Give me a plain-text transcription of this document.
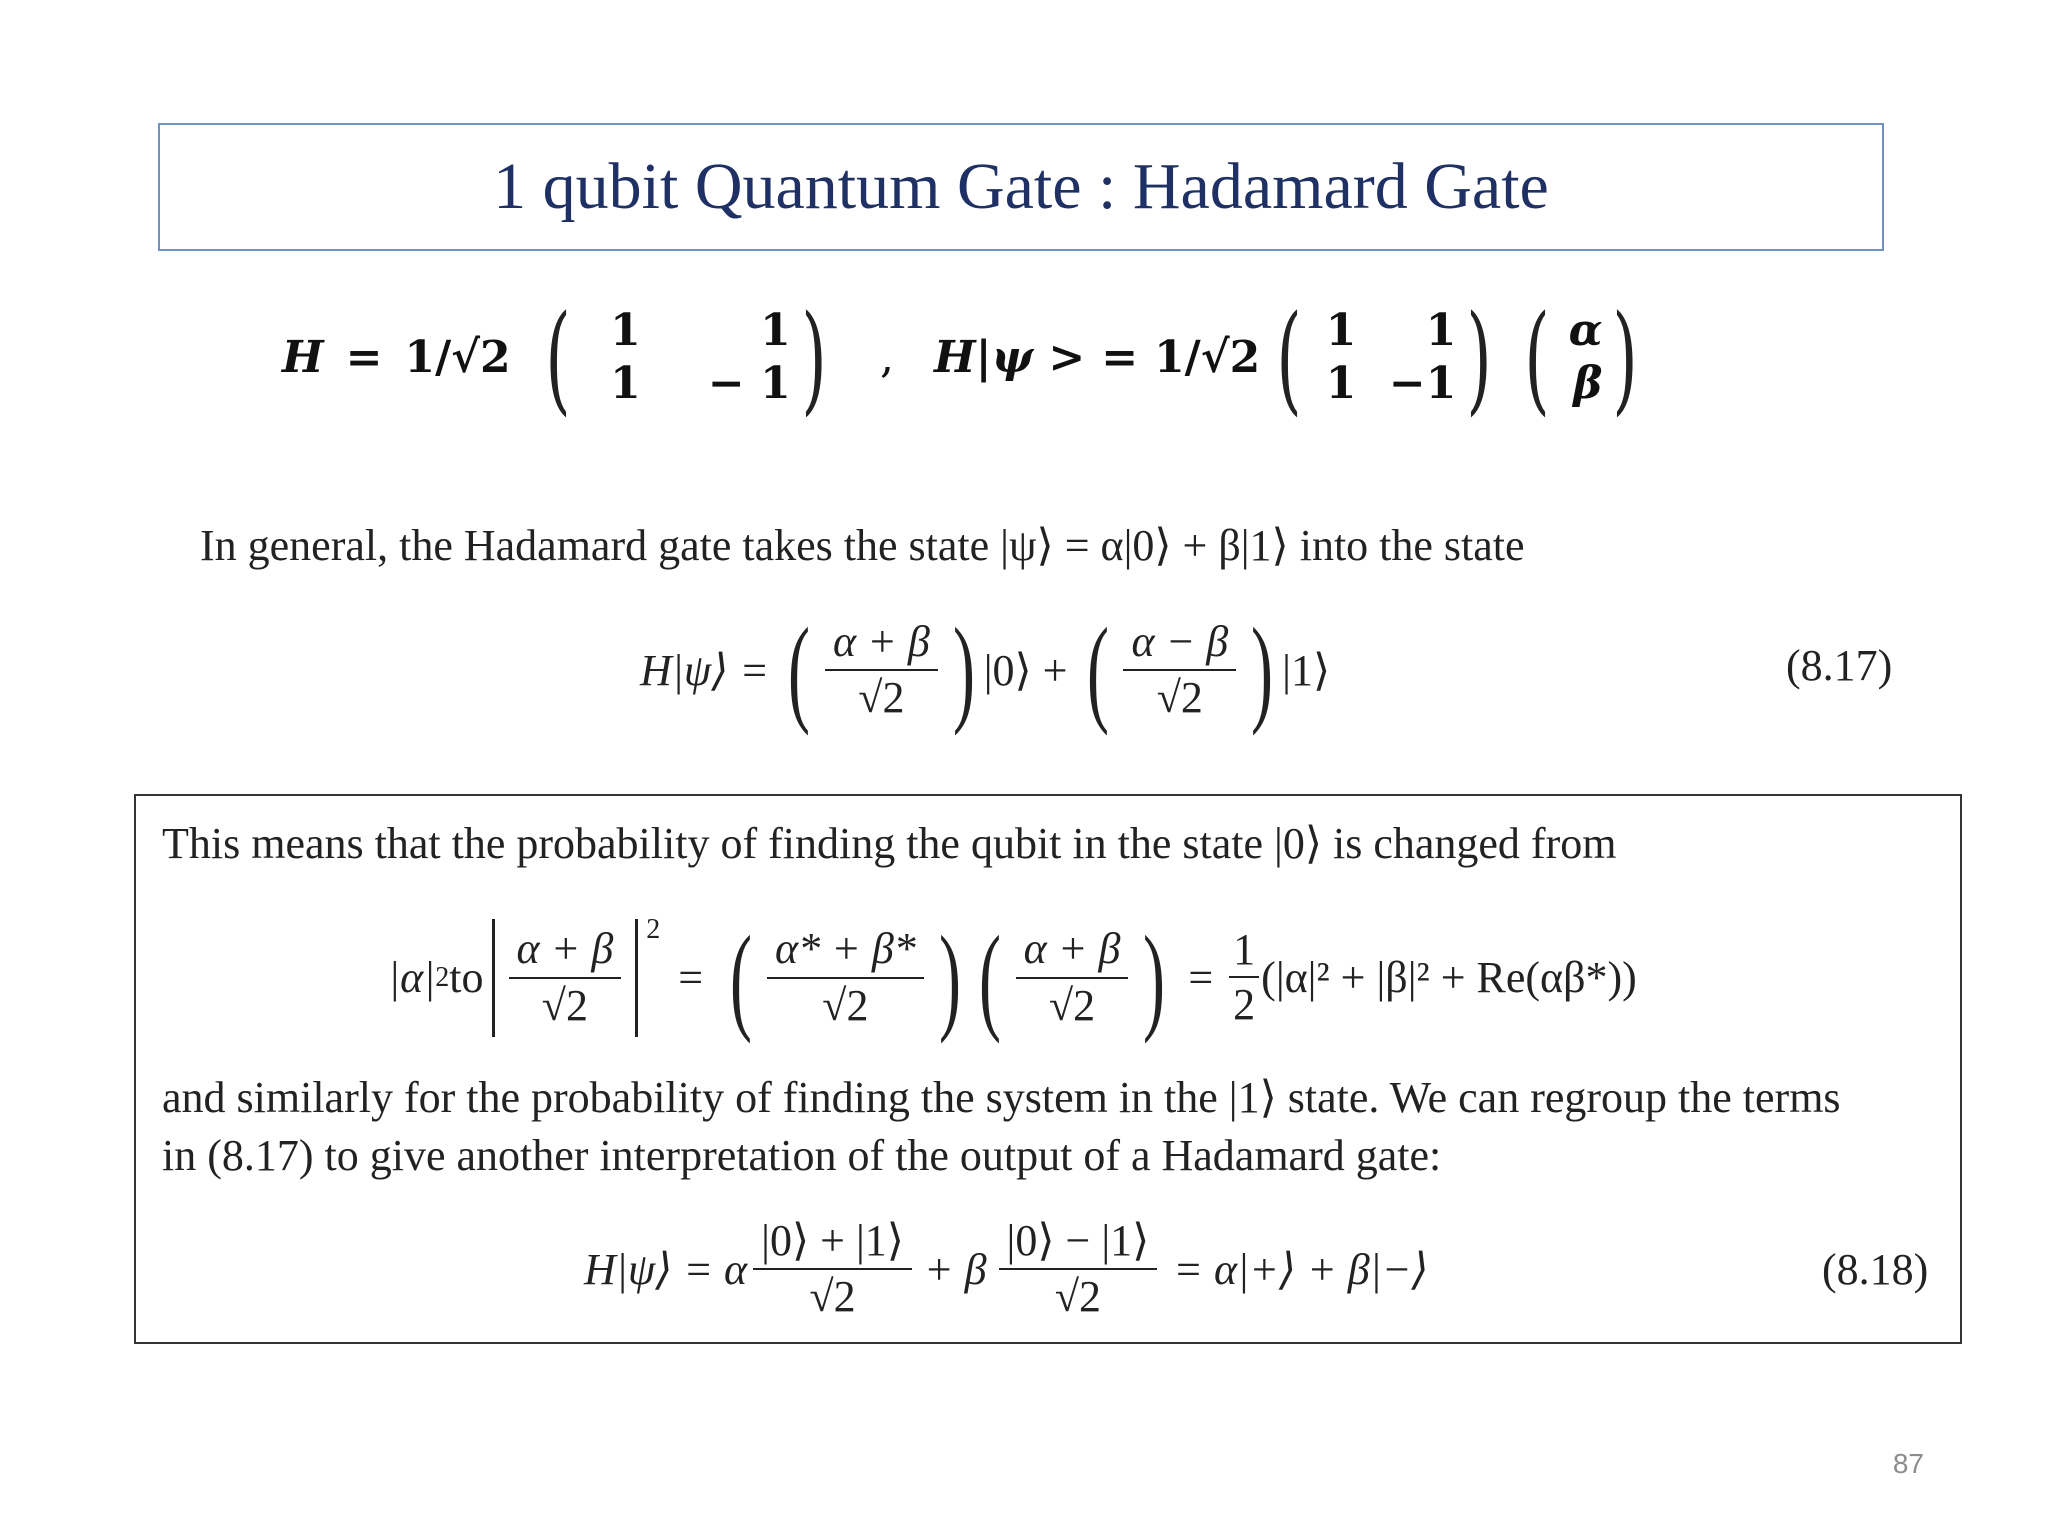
1 qubit Quantum Gate : Hadamard Gate
H = 1/√2 ( 1	1
1	− 1 ) , H|ψ > = 1/√2 ( 1	1
1 −1 ) ( α
β )
In general, the Hadamard gate takes the state |ψ⟩ = α|0⟩ + β|1⟩ into the state
H|ψ⟩ = ( $\frac{\alpha + \beta}{√2}$ ) |0⟩ + ( $\frac{\alpha - \beta}{√2}$ ) |1⟩	(8.17)
This means that the probability of finding the qubit in the state |0⟩ is changed from
|α| 2 to $\frac{\alpha + \beta}{√2} 2$
= ( $\frac{\alpha* + \beta*}{√2}$ ) ( $\frac{\alpha + \beta}{√2}$ ) = $\frac{1}{2} (|\alpha|^2 + |\beta|^2 + Re(\alpha\beta*))$
and similarly for the probability of finding the system in the |1⟩ state. We can regroup the terms
in (8.17) to give another interpretation of the output of a Hadamard gate:
H|ψ⟩ = α $\frac{|0⟩ + |1⟩}{√2} + \beta \frac{|0⟩ - |1⟩}{√2}$ = α|+⟩ + β|−⟩	(8.18)
87
